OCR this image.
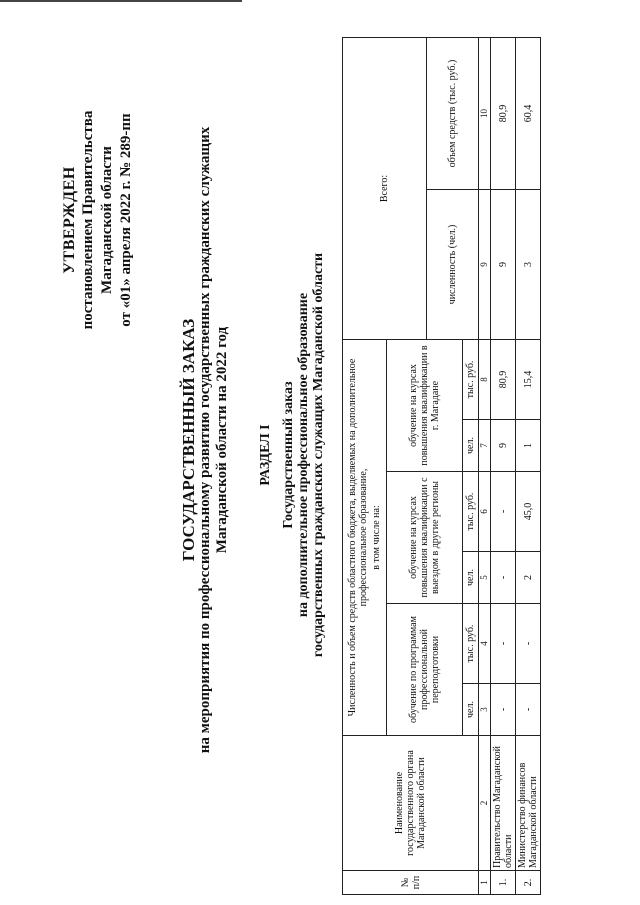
УТВЕРЖДЕН постановлением Правительства Магаданской области от «01» апреля 2022 г. № 289-пп
ГОСУДАРСТВЕННЫЙ ЗАКАЗ на мероприятия по профессиональному развитию государственных гражданских служащих Магаданской области на 2022 год РАЗДЕЛ I Государственный заказ на дополнительное профессиональное образование государственных гражданских служащих Магаданской области
№ п/п	Наименование государственного органа Магаданской области	Численность и объем средств областного бюджета, выделяемых на дополнительное профессиональное образование, в том числе на:						Всего:	
		обучение по программам профессиональной переподготовки		обучение на курсах повышения квалификации с выездом в другие регионы		обучение на курсах повышения квалификации в г. Магадане			
								численность (чел.)	объем средств (тыс. руб.)
		чел.	тыс. руб.	чел.	тыс. руб.	чел.	тыс. руб.		
1	2	3	4	5	6	7	8	9	10
1.	Правительство Магаданской области	-	-	-	-	9	80,9	9	80,9
2.	Министерство финансов Магаданской области	-	-	2	45,0	1	15,4	3	60,4
